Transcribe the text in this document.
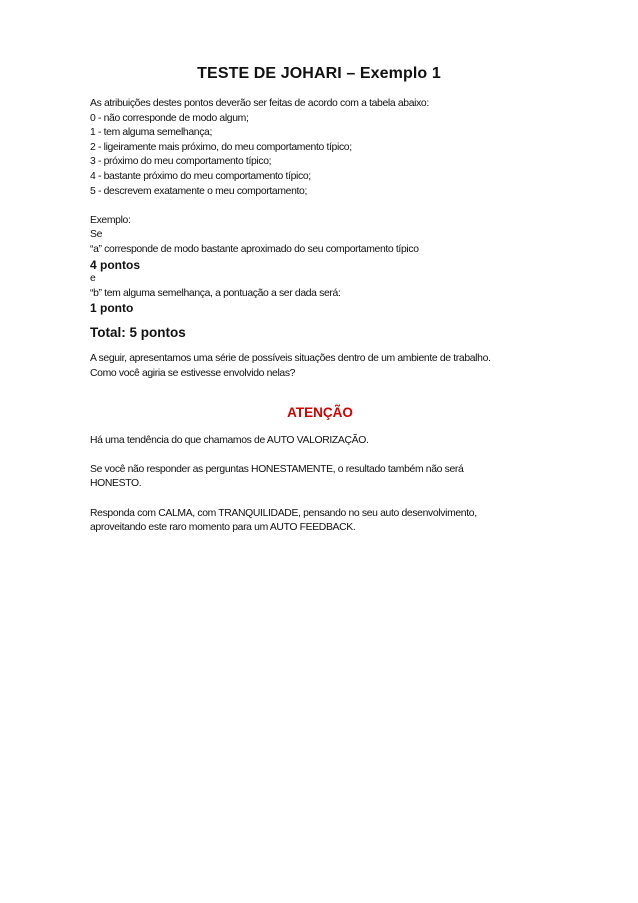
TESTE DE JOHARI – Exemplo 1
As atribuições destes pontos deverão ser feitas de acordo com a tabela abaixo:
0 - não corresponde de modo algum;
1 - tem alguma semelhança;
2 - ligeiramente mais próximo, do meu comportamento típico;
3 - próximo do meu comportamento típico;
4 - bastante próximo do meu comportamento típico;
5 - descrevem exatamente o meu comportamento;
Exemplo:
Se
“a” corresponde de modo bastante aproximado do seu comportamento típico
4 pontos
e
“b” tem alguma semelhança, a pontuação a ser dada será:
1 ponto
Total: 5 pontos
A seguir, apresentamos uma série de possíveis situações dentro de um ambiente de trabalho.
Como você agiria se estivesse envolvido nelas?
ATENÇÃO
Há uma tendência do que chamamos de AUTO VALORIZAÇÃO.
Se você não responder as perguntas HONESTAMENTE, o resultado também não será
HONESTO.
Responda com CALMA, com TRANQUILIDADE, pensando no seu auto desenvolvimento,
aproveitando este raro momento para um AUTO FEEDBACK.
